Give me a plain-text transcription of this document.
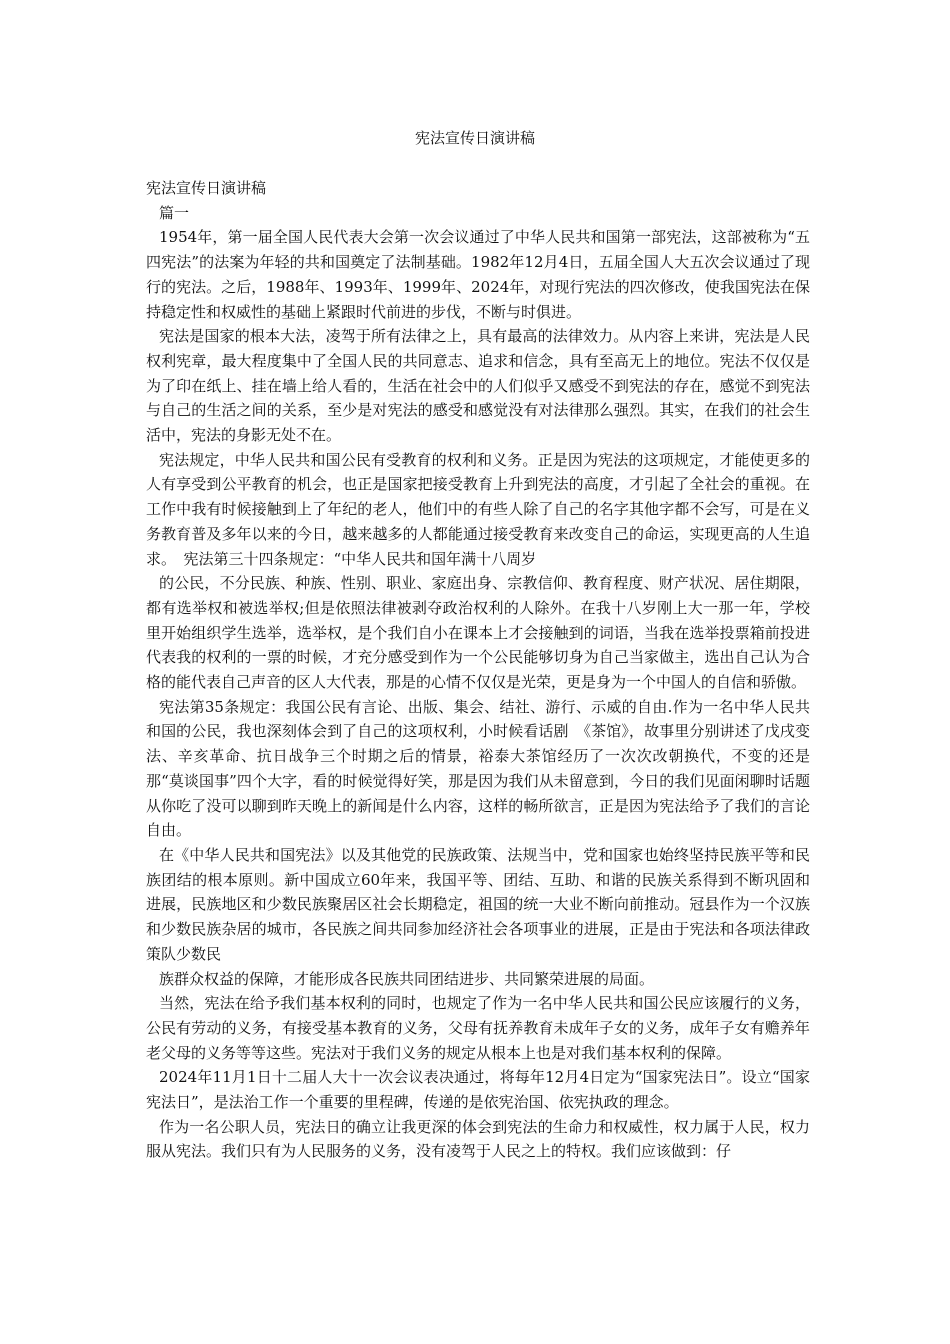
宪法宣传日演讲稿

宪法宣传日演讲稿

篇一

1954年，第一届全国人民代表大会第一次会议通过了中华人民共和国第一部宪法，这部被称为“五四宪法”的法案为年轻的共和国奠定了法制基础。1982年12月4日，五届全国人大五次会议通过了现行的宪法。之后，1988年、1993年、1999年、2024年，对现行宪法的四次修改，使我国宪法在保持稳定性和权威性的基础上紧跟时代前进的步伐，不断与时俱进。

宪法是国家的根本大法，凌驾于所有法律之上，具有最高的法律效力。从内容上来讲，宪法是人民权利宪章，最大程度集中了全国人民的共同意志、追求和信念，具有至高无上的地位。宪法不仅仅是为了印在纸上、挂在墙上给人看的，生活在社会中的人们似乎又感受不到宪法的存在，感觉不到宪法与自己的生活之间的关系，至少是对宪法的感受和感觉没有对法律那么强烈。其实，在我们的社会生活中，宪法的身影无处不在。

宪法规定，中华人民共和国公民有受教育的权利和义务。正是因为宪法的这项规定，才能使更多的人有享受到公平教育的机会，也正是国家把接受教育上升到宪法的高度，才引起了全社会的重视。在工作中我有时候接触到上了年纪的老人，他们中的有些人除了自己的名字其他字都不会写，可是在义务教育普及多年以来的今日，越来越多的人都能通过接受教育来改变自己的命运，实现更高的人生追求。　宪法第三十四条规定：“中华人民共和国年满十八周岁

的公民，不分民族、种族、性别、职业、家庭出身、宗教信仰、教育程度、财产状况、居住期限，都有选举权和被选举权;但是依照法律被剥夺政治权利的人除外。在我十八岁刚上大一那一年，学校里开始组织学生选举，选举权，是个我们自小在课本上才会接触到的词语，当我在选举投票箱前投进代表我的权利的一票的时候，才充分感受到作为一个公民能够切身为自己当家做主，选出自己认为合格的能代表自己声音的区人大代表，那是的心情不仅仅是光荣，更是身为一个中国人的自信和骄傲。

宪法第35条规定：我国公民有言论、出版、集会、结社、游行、示威的自由.作为一名中华人民共和国的公民，我也深刻体会到了自己的这项权利，小时候看话剧　《茶馆》，故事里分别讲述了戊戌变法、辛亥革命、抗日战争三个时期之后的情景，裕泰大茶馆经历了一次次改朝换代，不变的还是那“莫谈国事”四个大字，看的时候觉得好笑，那是因为我们从未留意到，今日的我们见面闲聊时话题从你吃了没可以聊到昨天晚上的新闻是什么内容，这样的畅所欲言，正是因为宪法给予了我们的言论自由。

在《中华人民共和国宪法》以及其他党的民族政策、法规当中，党和国家也始终坚持民族平等和民族团结的根本原则。新中国成立60年来，我国平等、团结、互助、和谐的民族关系得到不断巩固和进展，民族地区和少数民族聚居区社会长期稳定，祖国的统一大业不断向前推动。冠县作为一个汉族和少数民族杂居的城市，各民族之间共同参加经济社会各项事业的进展，正是由于宪法和各项法律政策队少数民

族群众权益的保障，才能形成各民族共同团结进步、共同繁荣进展的局面。

当然，宪法在给予我们基本权利的同时，也规定了作为一名中华人民共和国公民应该履行的义务，公民有劳动的义务，有接受基本教育的义务，父母有抚养教育未成年子女的义务，成年子女有赡养年老父母的义务等等这些。宪法对于我们义务的规定从根本上也是对我们基本权利的保障。

2024年11月1日十二届人大十一次会议表决通过，将每年12月4日定为“国家宪法日”。设立“国家宪法日”，是法治工作一个重要的里程碑，传递的是依宪治国、依宪执政的理念。

作为一名公职人员，宪法日的确立让我更深的体会到宪法的生命力和权威性，权力属于人民，权力服从宪法。我们只有为人民服务的义务，没有凌驾于人民之上的特权。我们应该做到：仔
